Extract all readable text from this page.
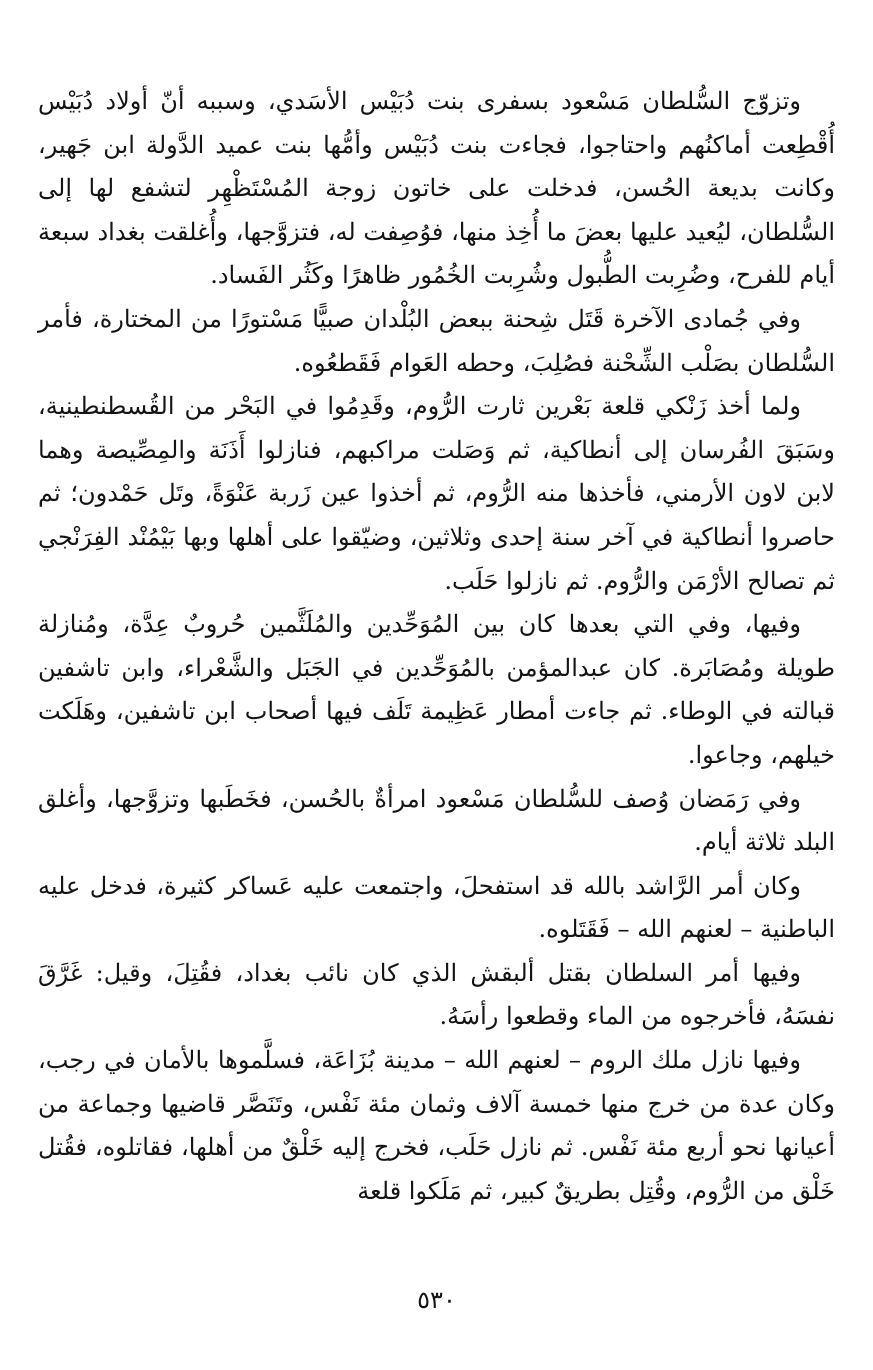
وتزوّج السُّلطان مَسْعود بسفرى بنت دُبَيْس الأسَدي، وسببه أنّ أولاد دُبَيْس أُقْطِعت أماكنُهم واحتاجوا، فجاءت بنت دُبَيْس وأمُّها بنت عميد الدَّولة ابن جَهير، وكانت بديعة الحُسن، فدخلت على خاتون زوجة المُسْتَظْهِر لتشفع لها إلى السُّلطان، ليُعيد عليها بعضَ ما أُخِذ منها، فوُصِفت له، فتزوَّجها، وأُغلقت بغداد سبعة أيام للفرح، وضُرِبت الطُّبول وشُرِبت الخُمُور ظاهرًا وكَثُر الفَساد.

وفي جُمادى الآخرة قَتَل شِحنة ببعض البُلْدان صبيًّا مَسْتورًا من المختارة، فأمر السُّلطان بصَلْب الشِّحْنة فصُلِبَ، وحطه العَوام فَقَطعُوه.

ولما أخذ زَنْكي قلعة بَعْرين ثارت الرُّوم، وقَدِمُوا في البَحْر من القُسطنطينية، وسَبَقَ الفُرسان إلى أنطاكية، ثم وَصَلت مراكبهم، فنازلوا أَذَنَة والمِصِّيصة وهما لابن لاون الأرمني، فأخذها منه الرُّوم، ثم أخذوا عين زَربة عَنْوَةً، وتَل حَمْدون؛ ثم حاصروا أنطاكية في آخر سنة إحدى وثلاثين، وضيّقوا على أهلها وبها بَيْمُنْد الفِرَنْجي ثم تصالح الأرْمَن والرُّوم. ثم نازلوا حَلَب.

وفيها، وفي التي بعدها كان بين المُوَحِّدين والمُلَثَّمين حُروبٌ عِدَّة، ومُنازلة طويلة ومُصَابَرة. كان عبدالمؤمن بالمُوَحِّدين في الجَبَل والشَّعْراء، وابن تاشفين قبالته في الوطاء. ثم جاءت أمطار عَظِيمة تَلَف فيها أصحاب ابن تاشفين، وهَلَكت خيلهم، وجاعوا.

وفي رَمَضان وُصف للسُّلطان مَسْعود امرأةٌ بالحُسن، فخَطَبها وتزوَّجها، وأغلق البلد ثلاثة أيام.

وكان أمر الرَّاشد بالله قد استفحلَ، واجتمعت عليه عَساكر كثيرة، فدخل عليه الباطنية – لعنهم الله – فَقَتَلوه.

وفيها أمر السلطان بقتل ألبقش الذي كان نائب بغداد، فقُتِلَ، وقيل: غَرَّقَ نفسَهُ، فأخرجوه من الماء وقطعوا رأسَهُ.

وفيها نازل ملك الروم – لعنهم الله – مدينة بُزَاعَة، فسلَّموها بالأمان في رجب، وكان عدة من خرج منها خمسة آلاف وثمان مئة نَفْس، وتَنَصَّر قاضيها وجماعة من أعيانها نحو أربع مئة نَفْس. ثم نازل حَلَب، فخرج إليه خَلْقٌ من أهلها، فقاتلوه، فقُتل خَلْق من الرُّوم، وقُتِل بطريقٌ كبير، ثم مَلَكوا قلعة

٥٣٠
